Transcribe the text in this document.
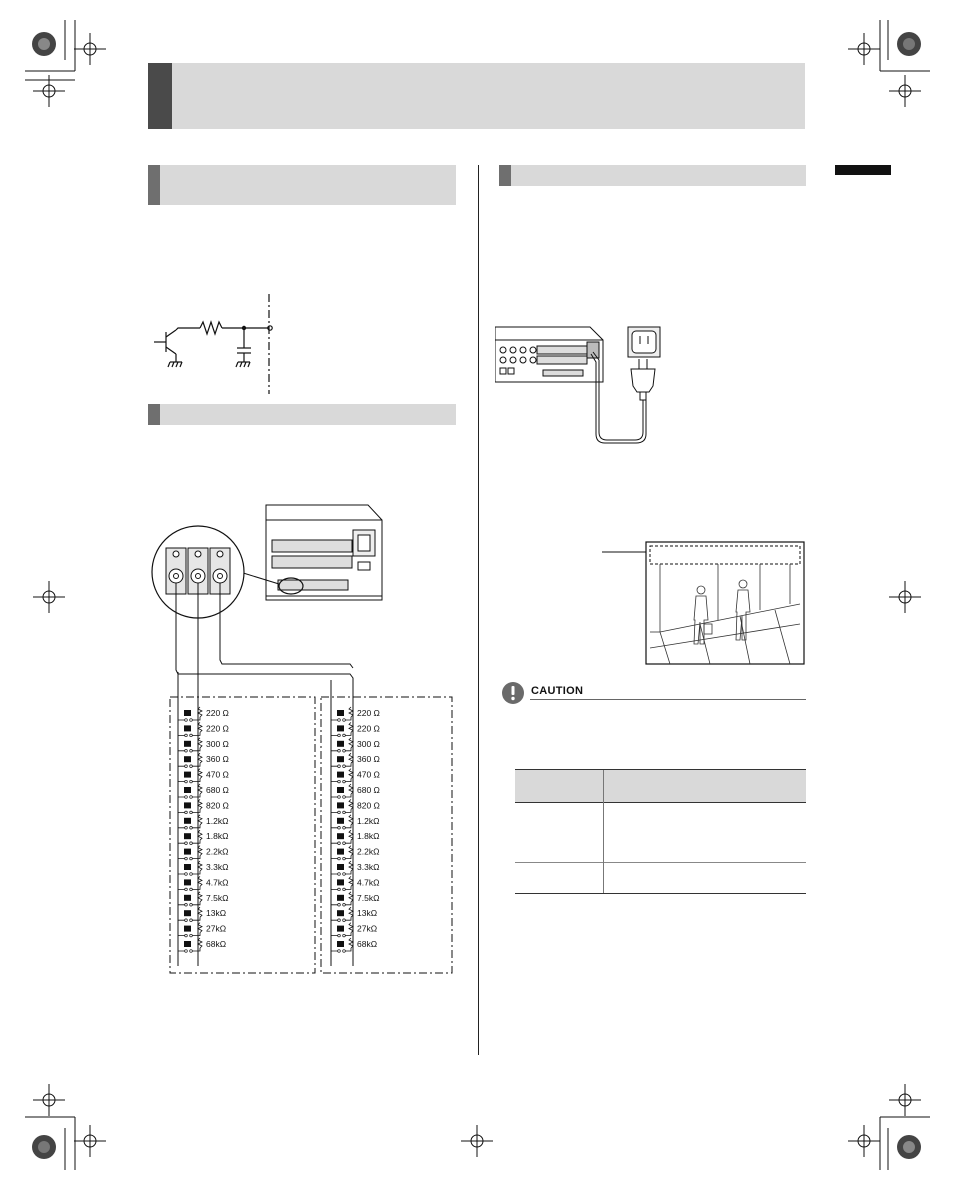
220 Ω
220 Ω
300 Ω
360 Ω
470 Ω
680 Ω
820 Ω
1.2kΩ
1.8kΩ
2.2kΩ
3.3kΩ
4.7kΩ
7.5kΩ
13kΩ
27kΩ
68kΩ
220 Ω
220 Ω
300 Ω
360 Ω
470 Ω
680 Ω
820 Ω
1.2kΩ
1.8kΩ
2.2kΩ
3.3kΩ
4.7kΩ
7.5kΩ
13kΩ
27kΩ
68kΩ
CAUTION
